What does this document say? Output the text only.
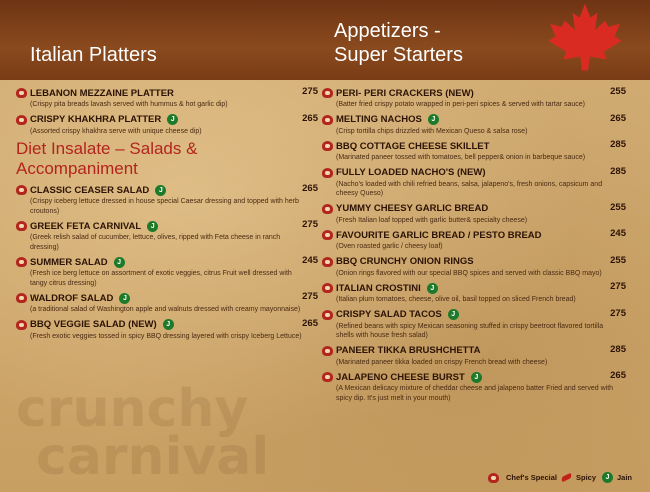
Italian Platters
Appetizers -
Super Starters
crunchy
carnival
LEBANON MEZZAINE PLATTER	275
(Crispy pita breads lavash served with hummus & hot garlic dip)
CRISPY KHAKHRA PLATTER	J	265
(Assorted crispy khakhra serve with unique cheese dip)
Diet Insalate – Salads & Accompaniment
CLASSIC CEASER SALAD	J	265
(Crispy iceberg lettuce dressed in house special Caesar dressing and topped with herb croutons)
GREEK FETA CARNIVAL	J	275
(Greek relish salad of cucumber, lettuce, olives, ripped with Feta cheese in ranch dressing)
SUMMER SALAD	J	245
(Fresh ice berg lettuce on assortment of exotic veggies, citrus Fruit well dressed with tangy citrus dressing)
WALDROF SALAD	J	275
(a traditional salad of Washington apple and walnuts dressed with creamy mayonnaise)
BBQ VEGGIE SALAD (NEW)	J	265
(Fresh exotic veggies tossed in spicy BBQ dressing layered with crispy Iceberg Lettuce)
PERI- PERI CRACKERS (NEW)	255
(Batter fried crispy potato wrapped in peri-peri spices & served with tartar sauce)
MELTING NACHOS	J	265
(Crisp tortilla chips drizzled with Mexican Queso & salsa rose)
BBQ COTTAGE CHEESE SKILLET	285
(Marinated paneer tossed with tomatoes, bell pepper& onion in barbeque sauce)
FULLY LOADED NACHO'S (NEW)	285
(Nacho's loaded with chili refried beans, salsa, jalapeno's, fresh onions, capsicum and cheesy Queso)
YUMMY CHEESY GARLIC BREAD	255
(Fresh Italian loaf topped with garlic butter& specialty cheese)
FAVOURITE GARLIC BREAD / PESTO BREAD	245
(Oven roasted garlic / cheesy loaf)
BBQ CRUNCHY ONION RINGS	255
(Onion rings flavored with our special BBQ spices and served with classic BBQ mayo)
ITALIAN CROSTINI	J	275
(Italian plum tomatoes, cheese, olive oil, basil topped on sliced French bread)
CRISPY SALAD TACOS	J	275
(Refined beans with spicy Mexican seasoning stuffed in crispy beetroot flavored tortilla shells with house fresh salad)
PANEER TIKKA BRUSHCHETTA	285
(Marinated paneer tikka loaded on crispy French bread with cheese)
JALAPENO CHEESE BURST	J	265
(A Mexican delicacy mixture of cheddar cheese and jalapeno batter Fried and served with spicy dip. It's just melt in your mouth)
Chef's Special	Spicy	J	Jain
